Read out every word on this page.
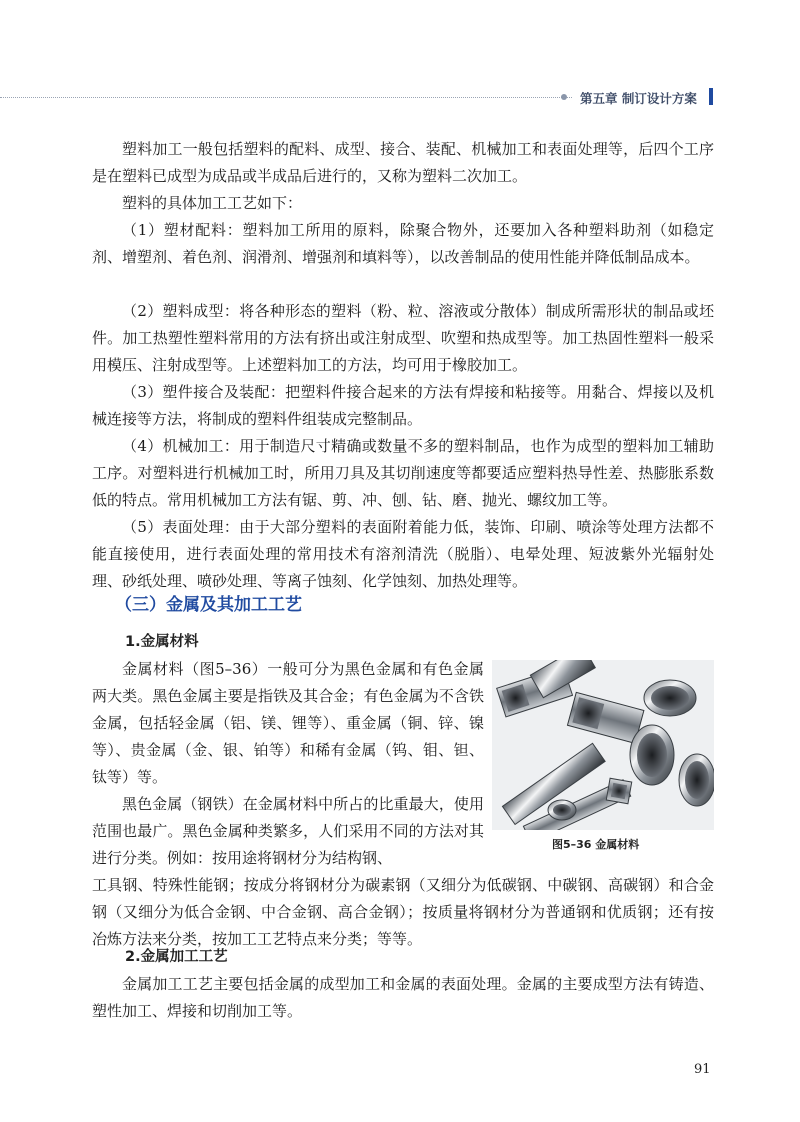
第五章 制订设计方案

塑料加工一般包括塑料的配料、成型、接合、装配、机械加工和表面处理等，后四个工序是在塑料已成型为成品或半成品后进行的，又称为塑料二次加工。

塑料的具体加工工艺如下：

（1）塑材配料：塑料加工所用的原料，除聚合物外，还要加入各种塑料助剂（如稳定剂、增塑剂、着色剂、润滑剂、增强剂和填料等），以改善制品的使用性能并降低制品成本。

（2）塑料成型：将各种形态的塑料（粉、粒、溶液或分散体）制成所需形状的制品或坯件。加工热塑性塑料常用的方法有挤出或注射成型、吹塑和热成型等。加工热固性塑料一般采用模压、注射成型等。上述塑料加工的方法，均可用于橡胶加工。

（3）塑件接合及装配：把塑料件接合起来的方法有焊接和粘接等。用黏合、焊接以及机械连接等方法，将制成的塑料件组装成完整制品。

（4）机械加工：用于制造尺寸精确或数量不多的塑料制品，也作为成型的塑料加工辅助工序。对塑料进行机械加工时，所用刀具及其切削速度等都要适应塑料热导性差、热膨胀系数低的特点。常用机械加工方法有锯、剪、冲、刨、钻、磨、抛光、螺纹加工等。

（5）表面处理：由于大部分塑料的表面附着能力低，装饰、印刷、喷涂等处理方法都不能直接使用，进行表面处理的常用技术有溶剂清洗（脱脂）、电晕处理、短波紫外光辐射处理、砂纸处理、喷砂处理、等离子蚀刻、化学蚀刻、加热处理等。

（三）金属及其加工工艺
1.金属材料

金属材料（图5–36）一般可分为黑色金属和有色金属两大类。黑色金属主要是指铁及其合金；有色金属为不含铁金属，包括轻金属（铝、镁、锂等）、重金属（铜、锌、镍等）、贵金属（金、银、铂等）和稀有金属（钨、钼、钽、钛等）等。

黑色金属（钢铁）在金属材料中所占的比重最大，使用范围也最广。黑色金属种类繁多，人们采用不同的方法对其进行分类。例如：按用途将钢材分为结构钢、

工具钢、特殊性能钢；按成分将钢材分为碳素钢（又细分为低碳钢、中碳钢、高碳钢）和合金钢（又细分为低合金钢、中合金钢、高合金钢）；按质量将钢材分为普通钢和优质钢；还有按冶炼方法来分类，按加工工艺特点来分类；等等。

图5–36 金属材料
2.金属加工工艺

金属加工工艺主要包括金属的成型加工和金属的表面处理。金属的主要成型方法有铸造、塑性加工、焊接和切削加工等。

91
